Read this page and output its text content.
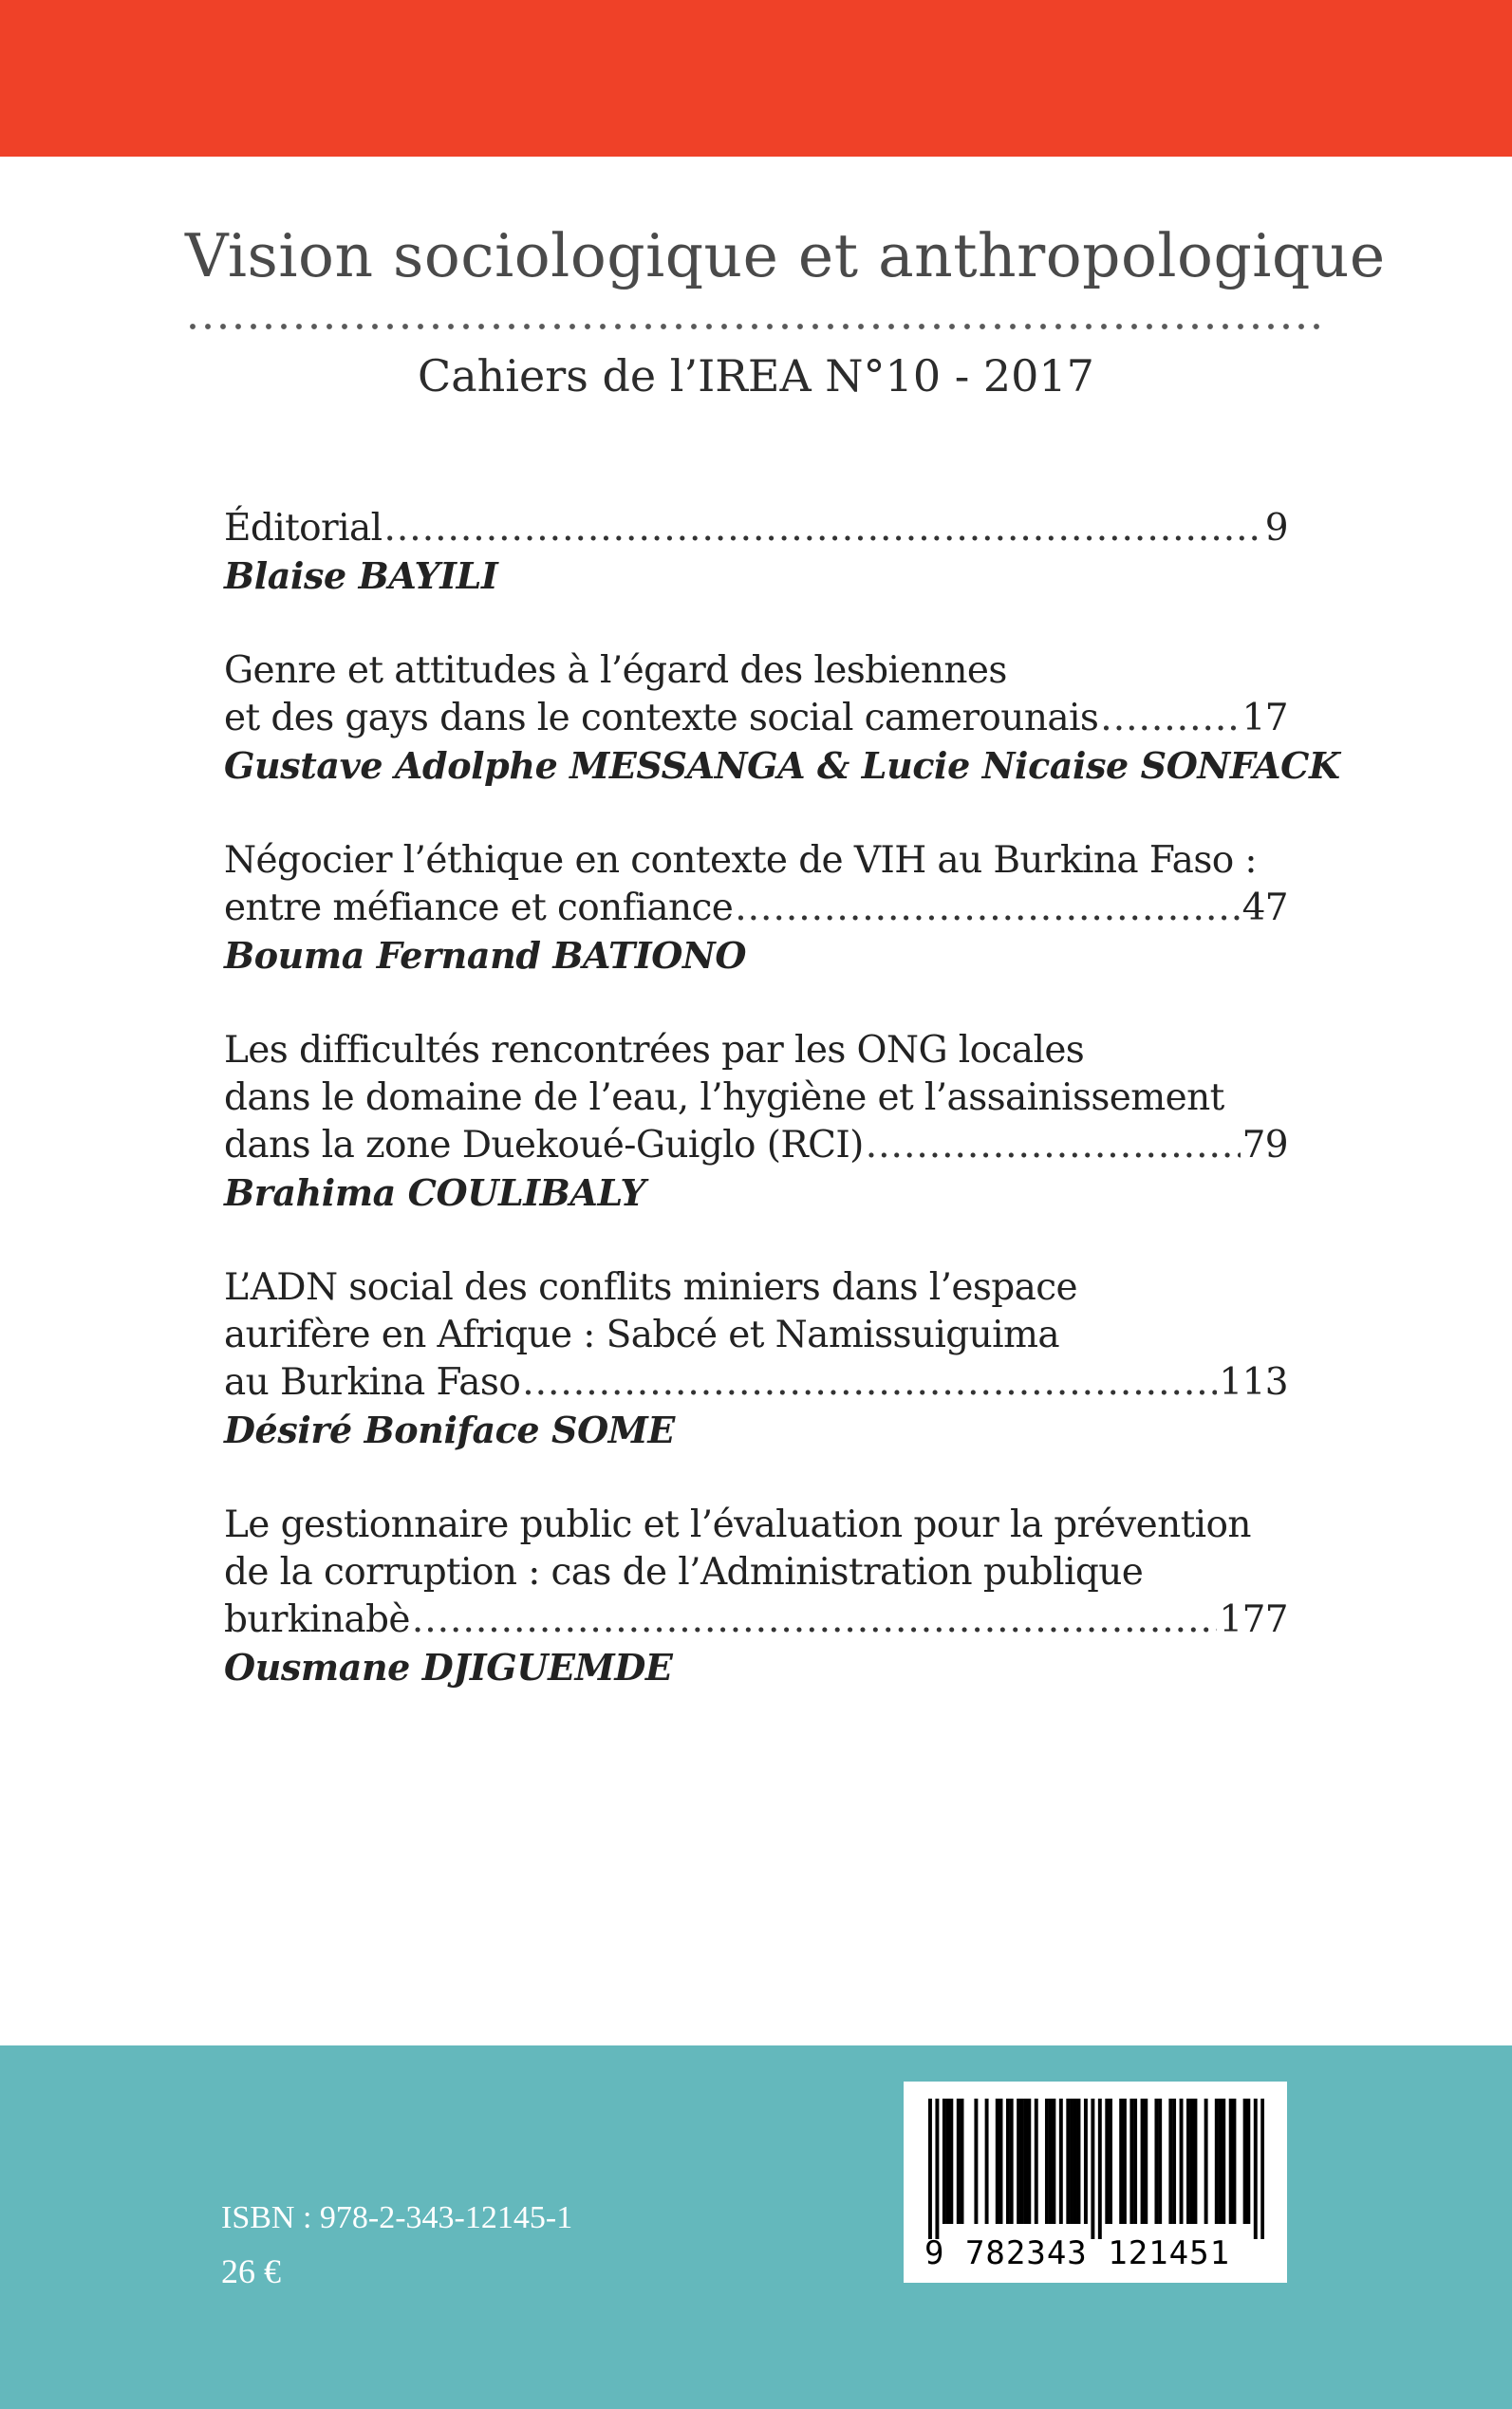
Vision sociologique et anthropologique
Cahiers de l’IREA N°10 - 2017
Éditorial .....	9
Blaise BAYILI
Genre et attitudes à l’égard des lesbiennes
et des gays dans le contexte social camerounais .....	17
Gustave Adolphe MESSANGA & Lucie Nicaise SONFACK
Négocier l’éthique en contexte de VIH au Burkina Faso :
entre méfiance et confiance .....	47
Bouma Fernand BATIONO
Les difficultés rencontrées par les ONG locales
dans le domaine de l’eau, l’hygiène et l’assainissement
dans la zone Duekoué-Guiglo (RCI) .....	79
Brahima COULIBALY
L’ADN social des conflits miniers dans l’espace
aurifère en Afrique : Sabcé et Namissuiguima
au Burkina Faso .....	113
Désiré Boniface SOME
Le gestionnaire public et l’évaluation pour la prévention
de la corruption : cas de l’Administration publique
burkinabè .....	177
Ousmane DJIGUEMDE
ISBN : 978-2-343-12145-1
26 €	9 782343 121451
